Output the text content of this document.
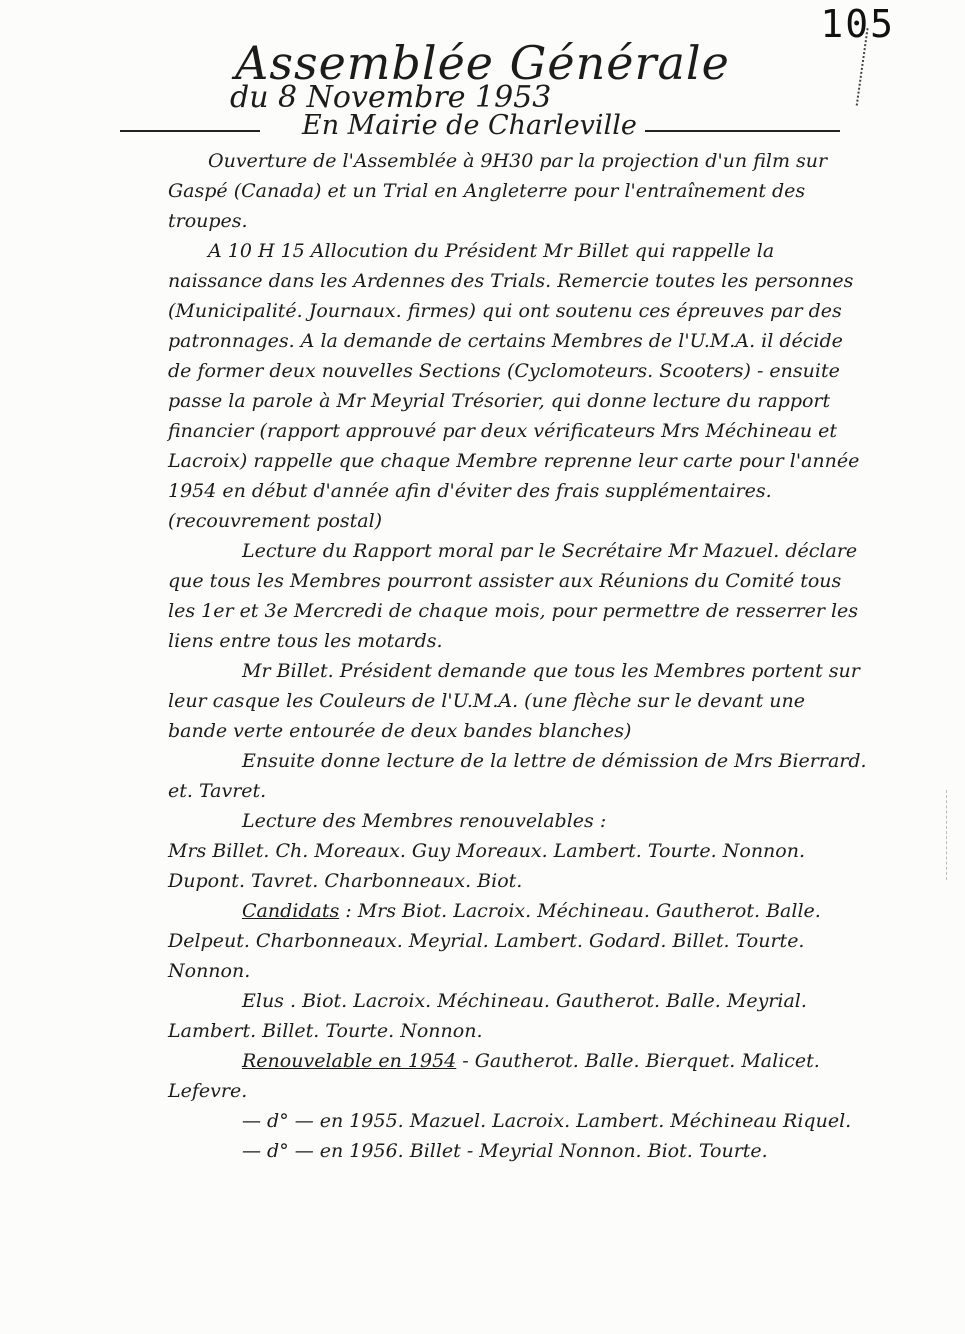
105
Assemblée Générale
du 8 Novembre 1953
En Mairie de Charleville

Ouverture de l'Assemblée à 9H30 par la projection d'un film sur Gaspé (Canada) et un Trial en Angleterre pour l'entraînement des troupes.

A 10 H 15 Allocution du Président Mr Billet qui rappelle la naissance dans les Ardennes des Trials. Remercie toutes les personnes (Municipalité. Journaux. firmes) qui ont soutenu ces épreuves par des patronnages. A la demande de certains Membres de l'U.M.A. il décide de former deux nouvelles Sections (Cyclomoteurs. Scooters) - ensuite passe la parole à Mr Meyrial Trésorier, qui donne lecture du rapport financier (rapport approuvé par deux vérificateurs Mrs Méchineau et Lacroix) rappelle que chaque Membre reprenne leur carte pour l'année 1954 en début d'année afin d'éviter des frais supplémentaires. (recouvrement postal)

Lecture du Rapport moral par le Secrétaire Mr Mazuel. déclare que tous les Membres pourront assister aux Réunions du Comité tous les 1er et 3e Mercredi de chaque mois, pour permettre de resserrer les liens entre tous les motards.

Mr Billet. Président demande que tous les Membres portent sur leur casque les Couleurs de l'U.M.A. (une flèche sur le devant une bande verte entourée de deux bandes blanches)

Ensuite donne lecture de la lettre de démission de Mrs Bierrard. et. Tavret.

Lecture des Membres renouvelables :

Mrs Billet. Ch. Moreaux. Guy Moreaux. Lambert. Tourte. Nonnon. Dupont. Tavret. Charbonneaux. Biot.

Candidats : Mrs Biot. Lacroix. Méchineau. Gautherot. Balle. Delpeut. Charbonneaux. Meyrial. Lambert. Godard. Billet. Tourte. Nonnon.

Elus . Biot. Lacroix. Méchineau. Gautherot. Balle. Meyrial. Lambert. Billet. Tourte. Nonnon.

Renouvelable en 1954 - Gautherot. Balle. Bierquet. Malicet. Lefevre.

— d° — en 1955. Mazuel. Lacroix. Lambert. Méchineau Riquel.

— d° — en 1956. Billet - Meyrial Nonnon. Biot. Tourte.
